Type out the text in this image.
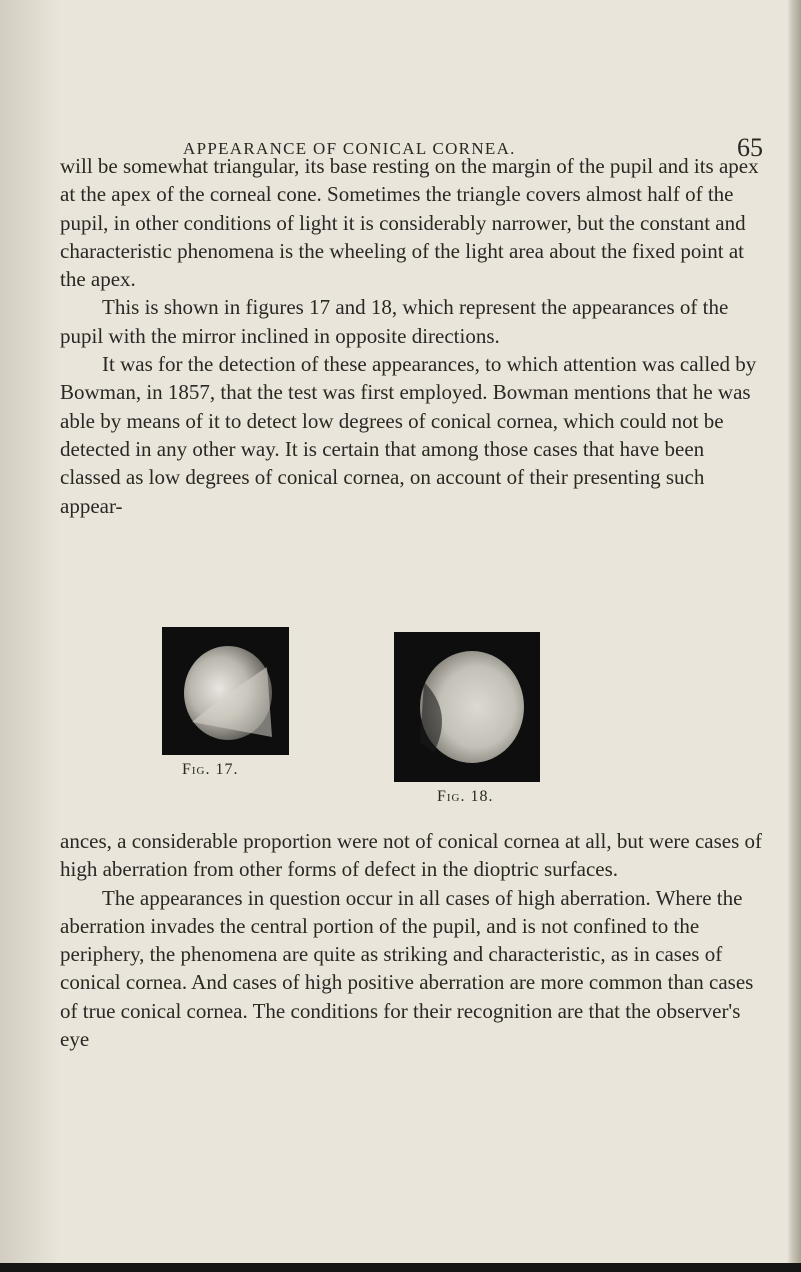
APPEARANCE OF CONICAL CORNEA.	65

will be somewhat triangular, its base resting on the margin of the pupil and its apex at the apex of the corneal cone. Sometimes the triangle covers almost half of the pupil, in other conditions of light it is considerably narrower, but the constant and characteristic phenomena is the wheeling of the light area about the fixed point at the apex.

This is shown in figures 17 and 18, which represent the appearances of the pupil with the mirror inclined in opposite directions.

It was for the detection of these appearances, to which attention was called by Bowman, in 1857, that the test was first employed. Bowman mentions that he was able by means of it to detect low degrees of conical cornea, which could not be detected in any other way. It is certain that among those cases that have been classed as low degrees of conical cornea, on account of their presenting such appear-

Fig. 17.
Fig. 18.

ances, a considerable proportion were not of conical cornea at all, but were cases of high aberration from other forms of defect in the dioptric surfaces.

The appearances in question occur in all cases of high aberration. Where the aberration invades the central portion of the pupil, and is not confined to the periphery, the phenomena are quite as striking and characteristic, as in cases of conical cornea. And cases of high positive aberration are more common than cases of true conical cornea. The conditions for their recognition are that the observer's eye
